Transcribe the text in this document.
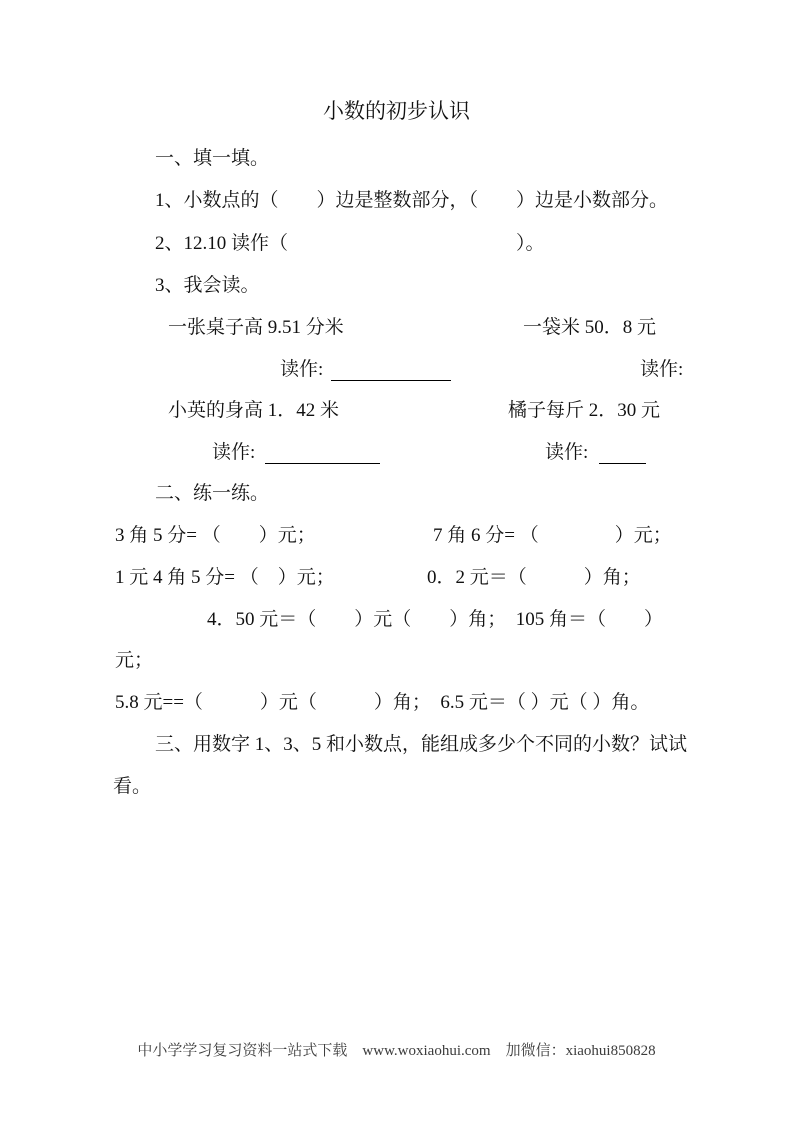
小数的初步认识

一、填一填。

1、小数点的（　　）边是整数部分，（　　）边是小数部分。

2、12.10 读作（　　　　　　　　　　　　）。

3、我会读。

一张桌子高 9.51 分米

	一袋米 50．8 元

读作:

	读作:

小英的身高 1．42 米

	橘子每斤 2．30 元

读作:

	读作:

二、练一练。

3 角 5 分= （　　）元；

	7 角 6 分= （　　　　）元；

1 元 4 角 5 分= （　）元；

	0．2 元＝（　　　）角；

4．50 元＝（　　）元（　　）角；　105 角＝（　　）

元；

5.8 元==（　　　）元（　　　）角；　6.5 元＝（ ）元（ ）角。

三、用数字 1、3、5 和小数点，能组成多少个不同的小数？试试

看。

中小学学习复习资料一站式下载　www.woxiaohui.com　加微信：xiaohui850828
